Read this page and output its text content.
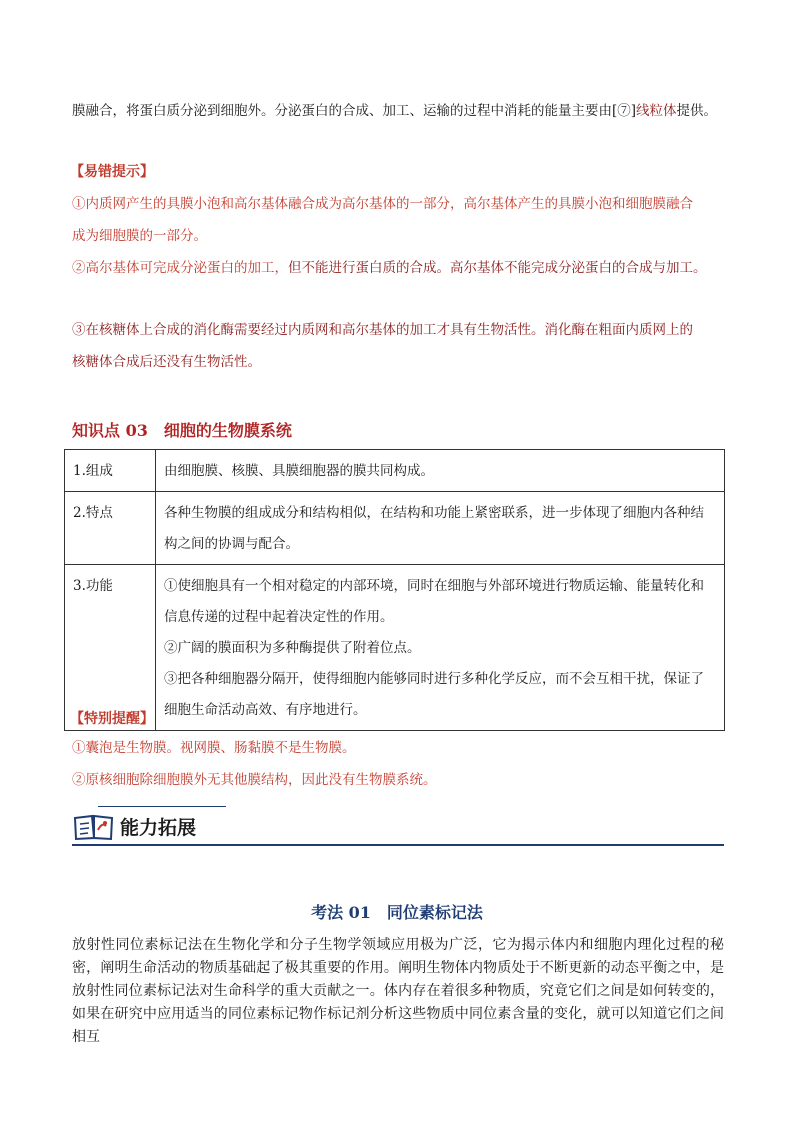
膜融合，将蛋白质分泌到细胞外。分泌蛋白的合成、加工、运输的过程中消耗的能量主要由[⑦]线粒体提供。
【易错提示】
①内质网产生的具膜小泡和高尔基体融合成为高尔基体的一部分，高尔基体产生的具膜小泡和细胞膜融合
成为细胞膜的一部分。
②高尔基体可完成分泌蛋白的加工，但不能进行蛋白质的合成。高尔基体不能完成分泌蛋白的合成与加工。
③在核糖体上合成的消化酶需要经过内质网和高尔基体的加工才具有生物活性。消化酶在粗面内质网上的
核糖体合成后还没有生物活性。
知识点 03　细胞的生物膜系统
1.组成	由细胞膜、核膜、具膜细胞器的膜共同构成。

2.特点	各种生物膜的组成成分和结构相似，在结构和功能上紧密联系，进一步体现了细胞内各种结
构之间的协调与配合。

3.功能	①使细胞具有一个相对稳定的内部环境，同时在细胞与外部环境进行物质运输、能量转化和
信息传递的过程中起着决定性的作用。
②广阔的膜面积为多种酶提供了附着位点。
③把各种细胞器分隔开，使得细胞内能够同时进行多种化学反应，而不会互相干扰，保证了
细胞生命活动高效、有序地进行。
【特别提醒】
①囊泡是生物膜。视网膜、肠黏膜不是生物膜。
②原核细胞除细胞膜外无其他膜结构，因此没有生物膜系统。
能力拓展
考法 01　同位素标记法
放射性同位素标记法在生物化学和分子生物学领域应用极为广泛，它为揭示体内和细胞内理化过程的秘密，阐明生命活动的物质基础起了极其重要的作用。阐明生物体内物质处于不断更新的动态平衡之中，是放射性同位素标记法对生命科学的重大贡献之一。体内存在着很多种物质，究竟它们之间是如何转变的，如果在研究中应用适当的同位素标记物作标记剂分析这些物质中同位素含量的变化，就可以知道它们之间相互
